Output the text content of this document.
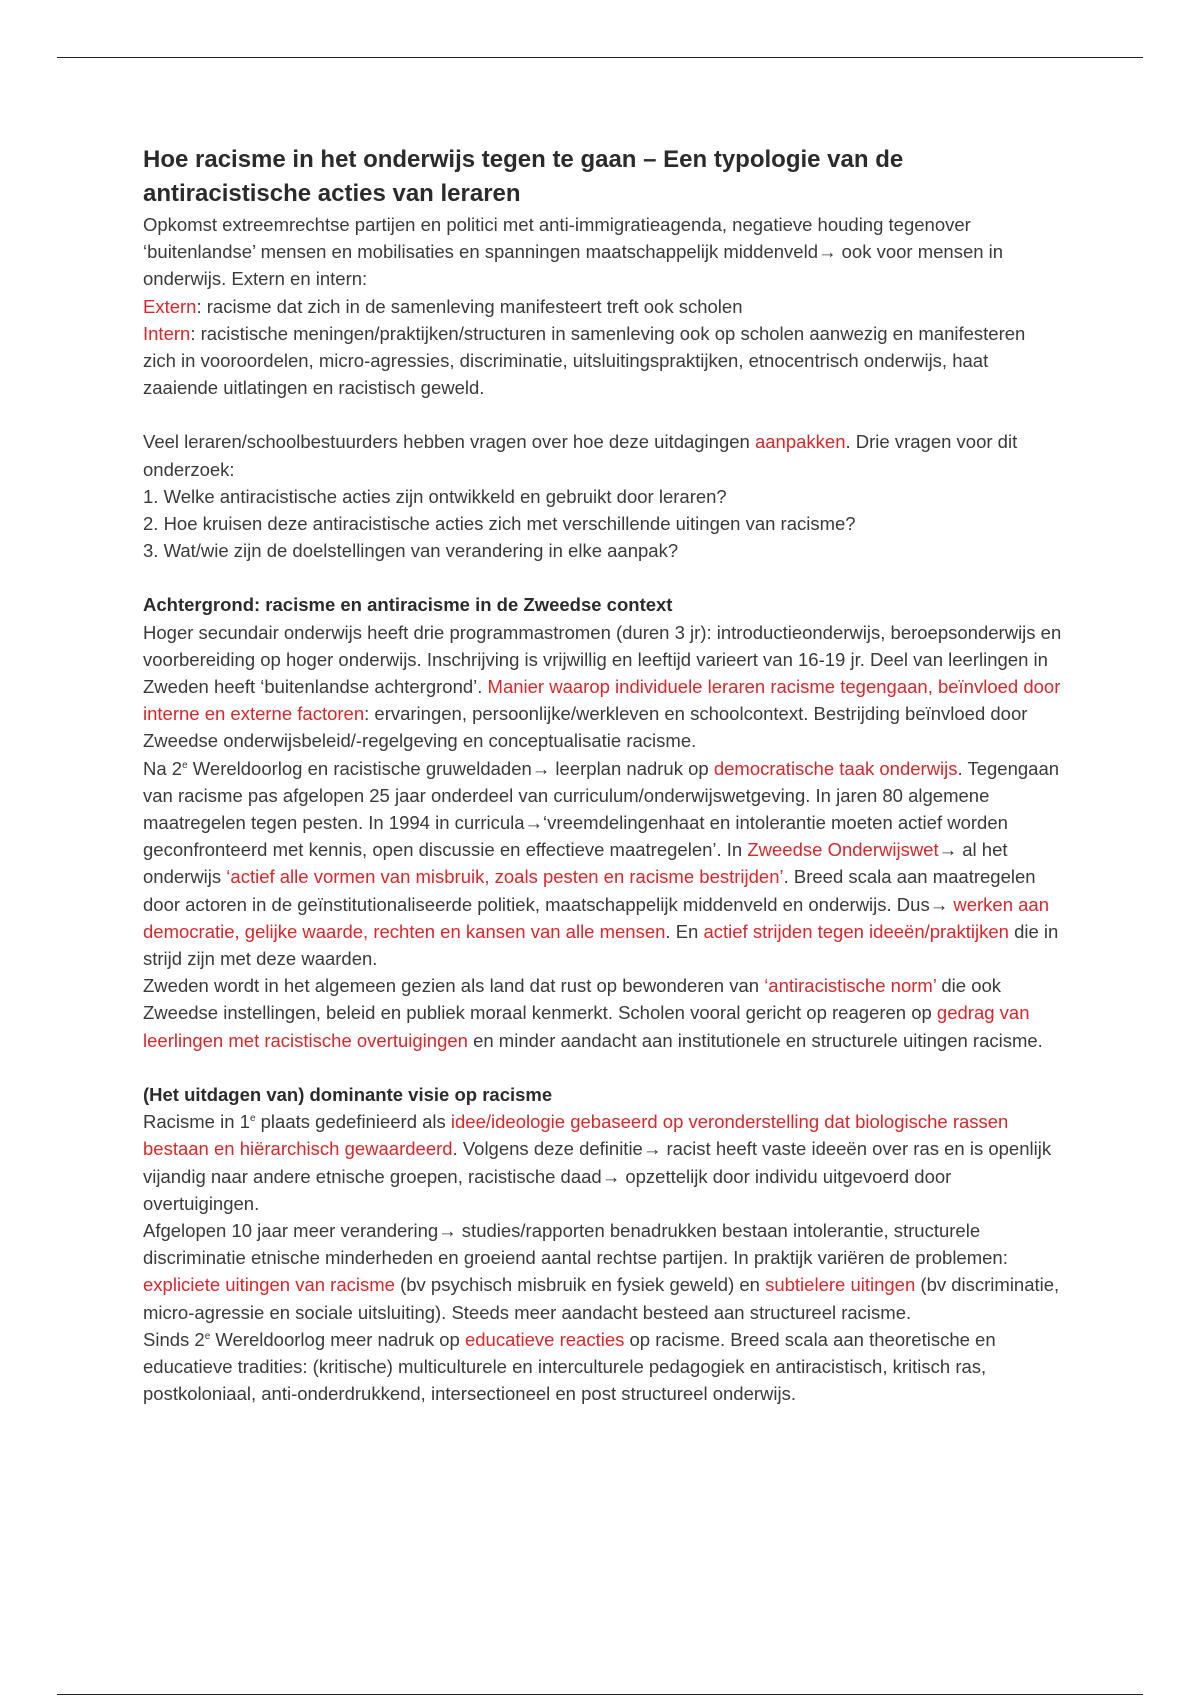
Hoe racisme in het onderwijs tegen te gaan – Een typologie van de antiracistische acties van leraren

Opkomst extreemrechtse partijen en politici met anti-immigratieagenda, negatieve houding tegenover ‘buitenlandse’ mensen en mobilisaties en spanningen maatschappelijk middenveld→ ook voor mensen in onderwijs. Extern en intern:

Extern: racisme dat zich in de samenleving manifesteert treft ook scholen

Intern: racistische meningen/praktijken/structuren in samenleving ook op scholen aanwezig en manifesteren zich in vooroordelen, micro-agressies, discriminatie, uitsluitingspraktijken, etnocentrisch onderwijs, haat zaaiende uitlatingen en racistisch geweld.

Veel leraren/schoolbestuurders hebben vragen over hoe deze uitdagingen aanpakken. Drie vragen voor dit onderzoek:

1. Welke antiracistische acties zijn ontwikkeld en gebruikt door leraren?

2. Hoe kruisen deze antiracistische acties zich met verschillende uitingen van racisme?

3. Wat/wie zijn de doelstellingen van verandering in elke aanpak?

Achtergrond: racisme en antiracisme in de Zweedse context

Hoger secundair onderwijs heeft drie programmastromen (duren 3 jr): introductieonderwijs, beroepsonderwijs en voorbereiding op hoger onderwijs. Inschrijving is vrijwillig en leeftijd varieert van 16-19 jr. Deel van leerlingen in Zweden heeft ‘buitenlandse achtergrond’. Manier waarop individuele leraren racisme tegengaan, beïnvloed door interne en externe factoren: ervaringen, persoonlijke/werkleven en schoolcontext. Bestrijding beïnvloed door Zweedse onderwijsbeleid/-regelgeving en conceptualisatie racisme.

Na 2e Wereldoorlog en racistische gruweldaden→ leerplan nadruk op democratische taak onderwijs. Tegengaan van racisme pas afgelopen 25 jaar onderdeel van curriculum/onderwijswetgeving. In jaren 80 algemene maatregelen tegen pesten. In 1994 in curricula→‘vreemdelingenhaat en intolerantie moeten actief worden geconfronteerd met kennis, open discussie en effectieve maatregelen’. In Zweedse Onderwijswet→ al het onderwijs ‘actief alle vormen van misbruik, zoals pesten en racisme bestrijden’. Breed scala aan maatregelen door actoren in de geïnstitutionaliseerde politiek, maatschappelijk middenveld en onderwijs. Dus→ werken aan democratie, gelijke waarde, rechten en kansen van alle mensen. En actief strijden tegen ideeën/praktijken die in strijd zijn met deze waarden.

Zweden wordt in het algemeen gezien als land dat rust op bewonderen van ‘antiracistische norm’ die ook Zweedse instellingen, beleid en publiek moraal kenmerkt. Scholen vooral gericht op reageren op gedrag van leerlingen met racistische overtuigingen en minder aandacht aan institutionele en structurele uitingen racisme.

(Het uitdagen van) dominante visie op racisme

Racisme in 1e plaats gedefinieerd als idee/ideologie gebaseerd op veronderstelling dat biologische rassen bestaan en hiërarchisch gewaardeerd. Volgens deze definitie→ racist heeft vaste ideeën over ras en is openlijk vijandig naar andere etnische groepen, racistische daad→ opzettelijk door individu uitgevoerd door overtuigingen.

Afgelopen 10 jaar meer verandering→ studies/rapporten benadrukken bestaan intolerantie, structurele discriminatie etnische minderheden en groeiend aantal rechtse partijen. In praktijk variëren de problemen: expliciete uitingen van racisme (bv psychisch misbruik en fysiek geweld) en subtielere uitingen (bv discriminatie, micro-agressie en sociale uitsluiting). Steeds meer aandacht besteed aan structureel racisme.

Sinds 2e Wereldoorlog meer nadruk op educatieve reacties op racisme. Breed scala aan theoretische en educatieve tradities: (kritische) multiculturele en interculturele pedagogiek en antiracistisch, kritisch ras, postkoloniaal, anti-onderdrukkend, intersectioneel en post structureel onderwijs.
